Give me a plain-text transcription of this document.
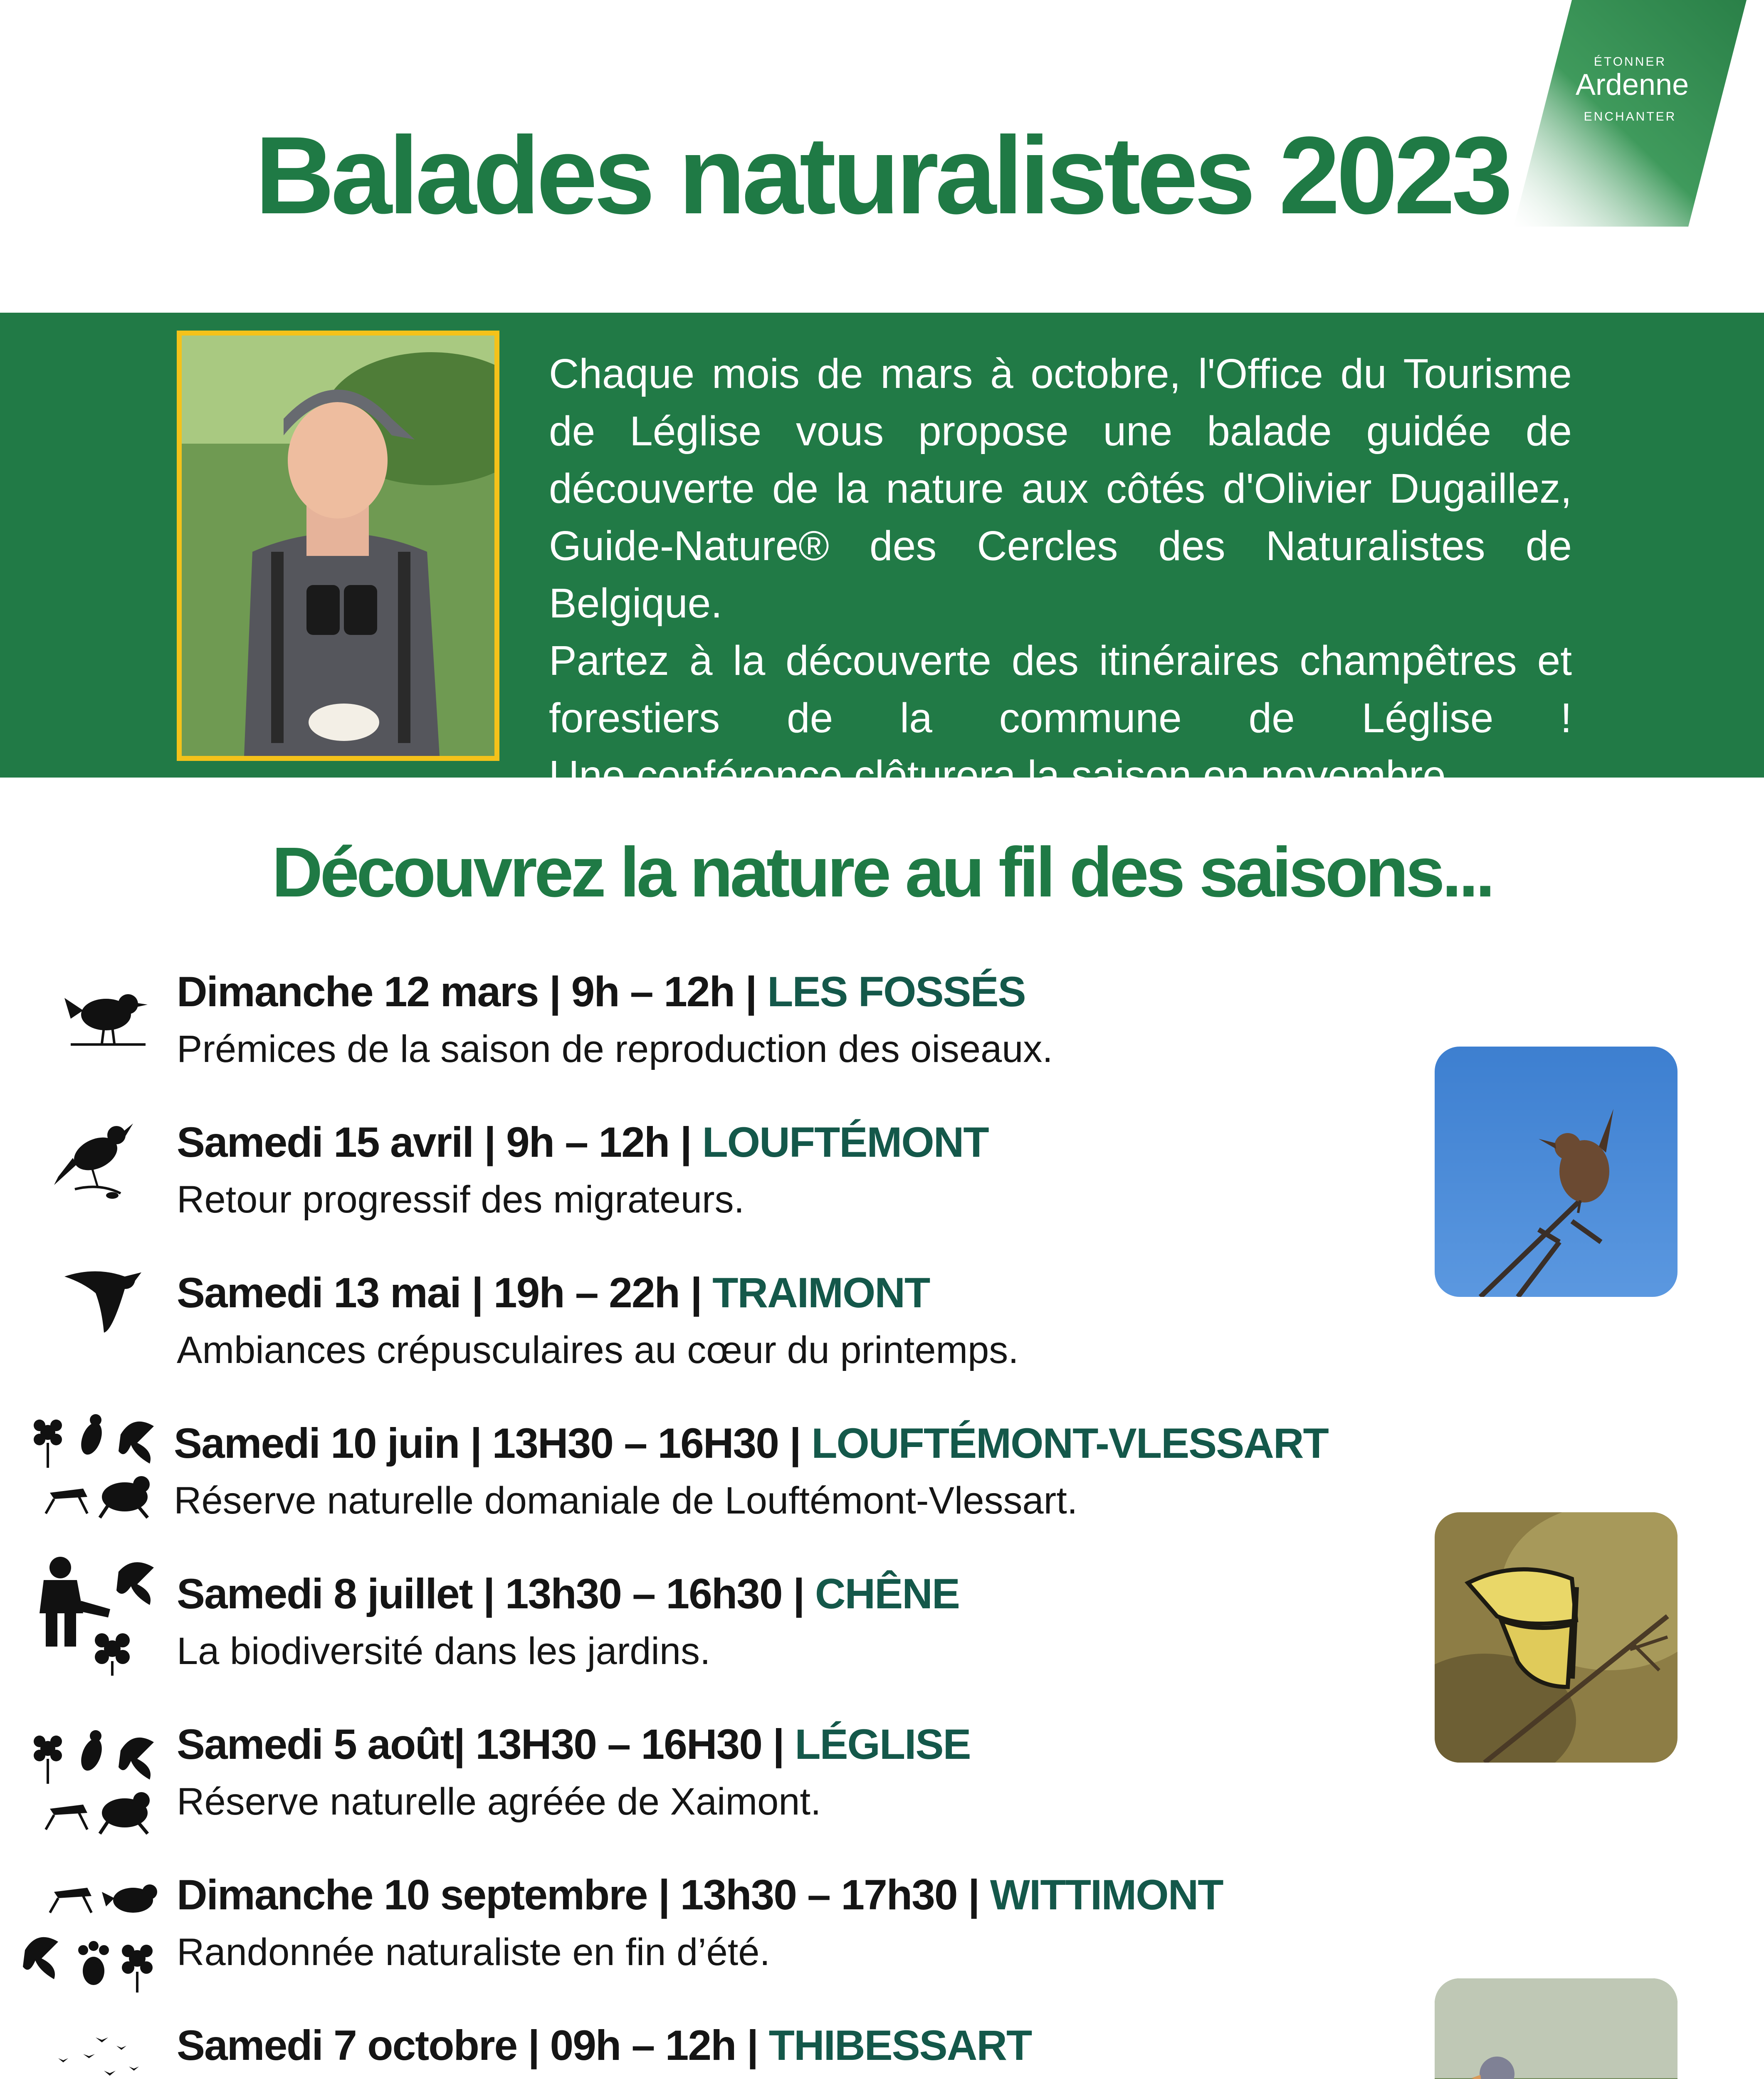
Balades naturalistes 2023
ÉTONNER
Ardenne
ENCHANTER

Chaque mois de mars à octobre, l'Office du Tourisme de Léglise vous propose une balade guidée de découverte de la nature aux côtés d'Olivier Dugaillez, Guide-Nature® des Cercles des Naturalistes de Belgique.

Partez à la découverte des itinéraires champêtres et forestiers de la commune de Léglise !

Une conférence clôturera la saison en novembre.

Découvrez la nature au fil des saisons...
Dimanche 12 mars | 9h – 12h | LES FOSSÉS
Prémices de la saison de reproduction des oiseaux.
Samedi 15 avril | 9h – 12h | LOUFTÉMONT
Retour progressif des migrateurs.
Samedi 13 mai | 19h – 22h | TRAIMONT
Ambiances crépusculaires au cœur du printemps.
Samedi 10 juin | 13H30 – 16H30 | LOUFTÉMONT-VLESSART
Réserve naturelle domaniale de Louftémont-Vlessart.
Samedi 8 juillet | 13h30 – 16h30 | CHÊNE
La biodiversité dans les jardins.
Samedi 5 août| 13H30 – 16H30 | LÉGLISE
Réserve naturelle agréée de Xaimont.
Dimanche 10 septembre | 13h30 – 17h30 | WITTIMONT
Randonnée naturaliste en fin d’été.
Samedi 7 octobre | 09h – 12h | THIBESSART
